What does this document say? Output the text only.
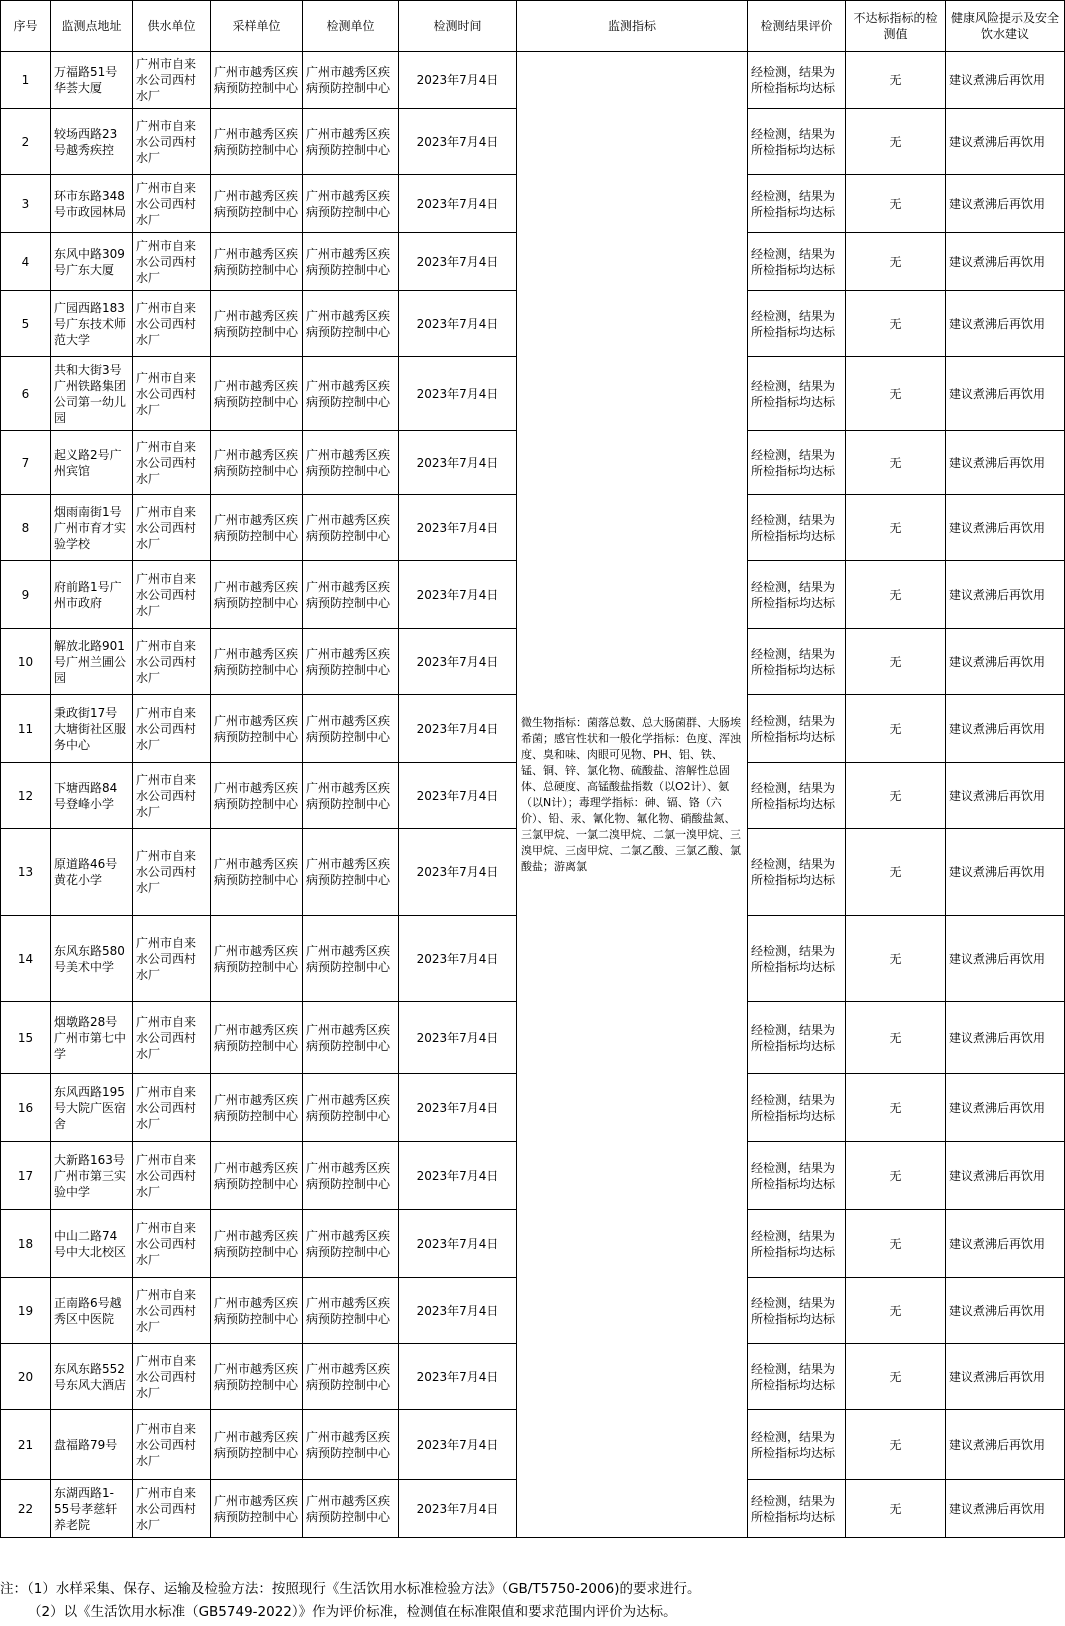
序号	监测点地址	供水单位	采样单位	检测单位	检测时间	监测指标	检测结果评价	不达标指标的检测值	健康风险提示及安全饮水建议
1	万福路51号华荟大厦	广州市自来水公司西村水厂	广州市越秀区疾病预防控制中心	广州市越秀区疾病预防控制中心	2023年7月4日	微生物指标：菌落总数、总大肠菌群、大肠埃希菌；感官性状和一般化学指标：色度、浑浊度、臭和味、肉眼可见物、PH、铝、铁、锰、铜、锌、氯化物、硫酸盐、溶解性总固体、总硬度、高锰酸盐指数（以O2计）、氨（以N计）；毒理学指标：砷、镉、铬（六价）、铅、汞、氰化物、氟化物、硝酸盐氮、三氯甲烷、一氯二溴甲烷、二氯一溴甲烷、三溴甲烷、三卤甲烷、二氯乙酸、三氯乙酸、氯酸盐；游离氯	经检测，结果为所检指标均达标	无	建议煮沸后再饮用
2	较场西路23号越秀疾控	广州市自来水公司西村水厂	广州市越秀区疾病预防控制中心	广州市越秀区疾病预防控制中心	2023年7月4日		经检测，结果为所检指标均达标	无	建议煮沸后再饮用
3	环市东路348号市政园林局	广州市自来水公司西村水厂	广州市越秀区疾病预防控制中心	广州市越秀区疾病预防控制中心	2023年7月4日		经检测，结果为所检指标均达标	无	建议煮沸后再饮用
4	东风中路309号广东大厦	广州市自来水公司西村水厂	广州市越秀区疾病预防控制中心	广州市越秀区疾病预防控制中心	2023年7月4日		经检测，结果为所检指标均达标	无	建议煮沸后再饮用
5	广园西路183号广东技术师范大学	广州市自来水公司西村水厂	广州市越秀区疾病预防控制中心	广州市越秀区疾病预防控制中心	2023年7月4日		经检测，结果为所检指标均达标	无	建议煮沸后再饮用
6	共和大街3号广州铁路集团公司第一幼儿园	广州市自来水公司西村水厂	广州市越秀区疾病预防控制中心	广州市越秀区疾病预防控制中心	2023年7月4日		经检测，结果为所检指标均达标	无	建议煮沸后再饮用
7	起义路2号广州宾馆	广州市自来水公司西村水厂	广州市越秀区疾病预防控制中心	广州市越秀区疾病预防控制中心	2023年7月4日		经检测，结果为所检指标均达标	无	建议煮沸后再饮用
8	烟雨南街1号广州市育才实验学校	广州市自来水公司西村水厂	广州市越秀区疾病预防控制中心	广州市越秀区疾病预防控制中心	2023年7月4日		经检测，结果为所检指标均达标	无	建议煮沸后再饮用
9	府前路1号广州市政府	广州市自来水公司西村水厂	广州市越秀区疾病预防控制中心	广州市越秀区疾病预防控制中心	2023年7月4日		经检测，结果为所检指标均达标	无	建议煮沸后再饮用
10	解放北路901号广州兰圃公园	广州市自来水公司西村水厂	广州市越秀区疾病预防控制中心	广州市越秀区疾病预防控制中心	2023年7月4日		经检测，结果为所检指标均达标	无	建议煮沸后再饮用
11	秉政街17号大塘街社区服务中心	广州市自来水公司西村水厂	广州市越秀区疾病预防控制中心	广州市越秀区疾病预防控制中心	2023年7月4日		经检测，结果为所检指标均达标	无	建议煮沸后再饮用
12	下塘西路84号登峰小学	广州市自来水公司西村水厂	广州市越秀区疾病预防控制中心	广州市越秀区疾病预防控制中心	2023年7月4日		经检测，结果为所检指标均达标	无	建议煮沸后再饮用
13	原道路46号黄花小学	广州市自来水公司西村水厂	广州市越秀区疾病预防控制中心	广州市越秀区疾病预防控制中心	2023年7月4日		经检测，结果为所检指标均达标	无	建议煮沸后再饮用
14	东风东路580号美术中学	广州市自来水公司西村水厂	广州市越秀区疾病预防控制中心	广州市越秀区疾病预防控制中心	2023年7月4日		经检测，结果为所检指标均达标	无	建议煮沸后再饮用
15	烟墩路28号广州市第七中学	广州市自来水公司西村水厂	广州市越秀区疾病预防控制中心	广州市越秀区疾病预防控制中心	2023年7月4日		经检测，结果为所检指标均达标	无	建议煮沸后再饮用
16	东风西路195号大院广医宿舍	广州市自来水公司西村水厂	广州市越秀区疾病预防控制中心	广州市越秀区疾病预防控制中心	2023年7月4日		经检测，结果为所检指标均达标	无	建议煮沸后再饮用
17	大新路163号广州市第三实验中学	广州市自来水公司西村水厂	广州市越秀区疾病预防控制中心	广州市越秀区疾病预防控制中心	2023年7月4日		经检测，结果为所检指标均达标	无	建议煮沸后再饮用
18	中山二路74号中大北校区	广州市自来水公司西村水厂	广州市越秀区疾病预防控制中心	广州市越秀区疾病预防控制中心	2023年7月4日		经检测，结果为所检指标均达标	无	建议煮沸后再饮用
19	正南路6号越秀区中医院	广州市自来水公司西村水厂	广州市越秀区疾病预防控制中心	广州市越秀区疾病预防控制中心	2023年7月4日		经检测，结果为所检指标均达标	无	建议煮沸后再饮用
20	东风东路552号东风大酒店	广州市自来水公司西村水厂	广州市越秀区疾病预防控制中心	广州市越秀区疾病预防控制中心	2023年7月4日		经检测，结果为所检指标均达标	无	建议煮沸后再饮用
21	盘福路79号	广州市自来水公司西村水厂	广州市越秀区疾病预防控制中心	广州市越秀区疾病预防控制中心	2023年7月4日		经检测，结果为所检指标均达标	无	建议煮沸后再饮用
22	东湖西路1-55号孝慈轩养老院	广州市自来水公司西村水厂	广州市越秀区疾病预防控制中心	广州市越秀区疾病预防控制中心	2023年7月4日		经检测，结果为所检指标均达标	无	建议煮沸后再饮用
注：（1）水样采集、保存、运输及检验方法：按照现行《生活饮用水标准检验方法》（GB/T5750-2006)的要求进行。
（2）以《生活饮用水标准（GB5749-2022）》作为评价标准，检测值在标准限值和要求范围内评价为达标。
